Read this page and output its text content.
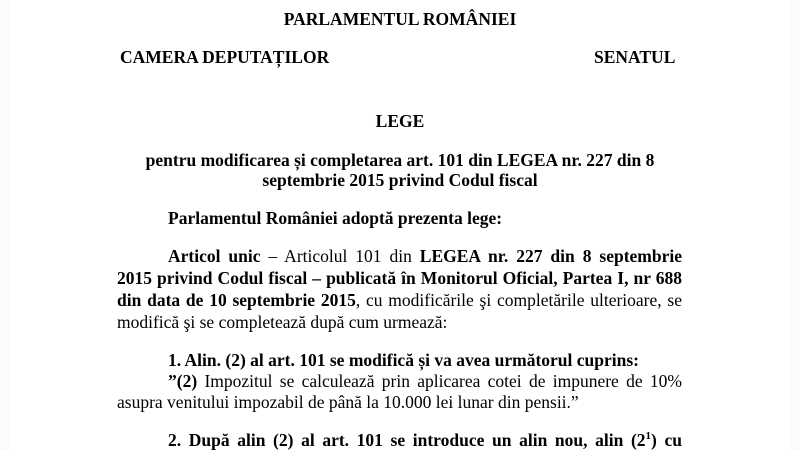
PARLAMENTUL ROMÂNIEI
CAMERA DEPUTAȚILOR	SENATUL
LEGE
pentru modificarea și completarea art. 101 din LEGEA nr. 227 din 8
septembrie 2015 privind Codul fiscal
Parlamentul României adoptă prezenta lege:
Articol unic – Articolul 101 din LEGEA nr. 227 din 8 septembrie
2015 privind Codul fiscal – publicată în Monitorul Oficial, Partea I, nr 688
din data de 10 septembrie 2015, cu modificările şi completările ulterioare, se
modifică şi se completează după cum urmează:
1. Alin. (2) al art. 101 se modifică și va avea următorul cuprins:
”(2) Impozitul se calculează prin aplicarea cotei de impunere de 10%
asupra venitului impozabil de până la 10.000 lei lunar din pensii.”
2. După alin (2) al art. 101 se introduce un alin nou, alin $(2^1)$ cu
